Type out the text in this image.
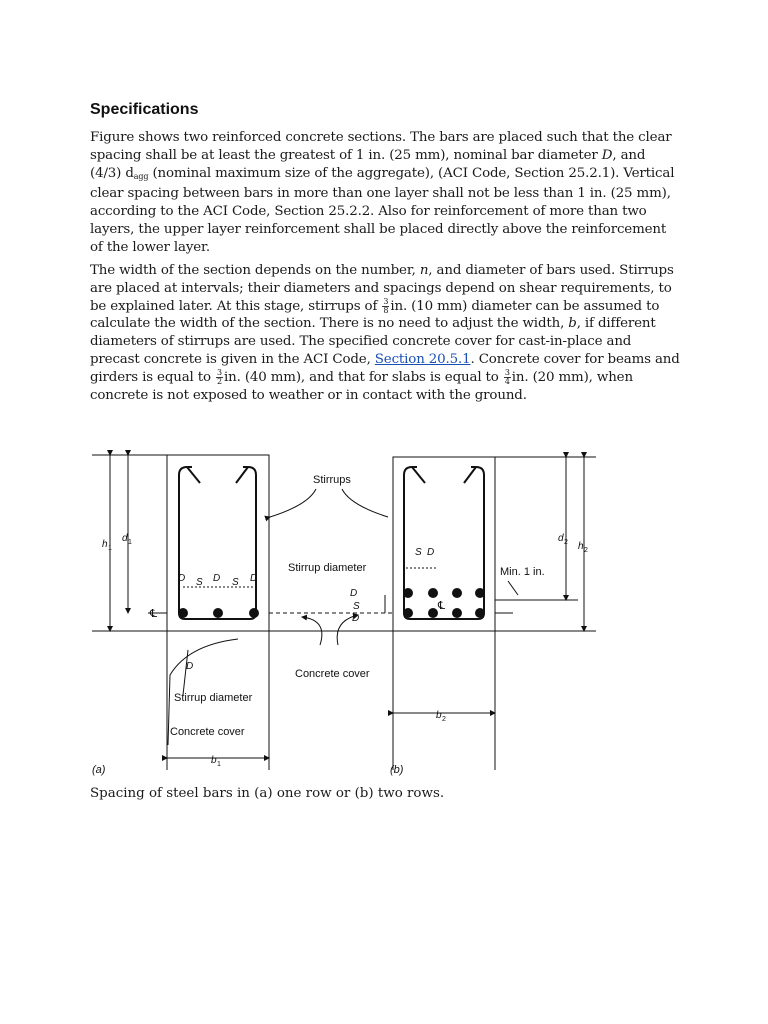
Specifications

Figure shows two reinforced concrete sections. The bars are placed such that the clear spacing shall be at least the greatest of 1 in. (25 mm), nominal bar diameter D, and (4/3) $d_{agg}$ (nominal maximum size of the aggregate), (ACI Code, Section 25.2.1). Vertical clear spacing between bars in more than one layer shall not be less than 1 in. (25 mm), according to the ACI Code, Section 25.2.2. Also for reinforcement of more than two layers, the upper layer reinforcement shall be placed directly above the reinforcement of the lower layer.

The width of the section depends on the number, n, and diameter of bars used. Stirrups are placed at intervals; their diameters and spacings depend on shear requirements, to be explained later. At this stage, stirrups of $\frac{3}{8}$ in. (10 mm) diameter can be assumed to calculate the width of the section. There is no need to adjust the width, b, if different diameters of stirrups are used. The specified concrete cover for cast-in-place and precast concrete is given in the ACI Code, Section 20.5.1. Concrete cover for beams and girders is equal to $\frac{3}{2}$ in. (40 mm), and that for slabs is equal to $\frac{3}{4}$ in. (20 mm), when concrete is not exposed to weather or in contact with the ground.

Stirrups
Stirrup diameter
Concrete cover
Stirrup diameter
Concrete cover
Min. 1 in.
h 1
d 1	d 2 h 2
b 1
b 2
D S D S D
S D
D
S
D
D
℄
℄
(a)	(b)

Spacing of steel bars in (a) one row or (b) two rows.
